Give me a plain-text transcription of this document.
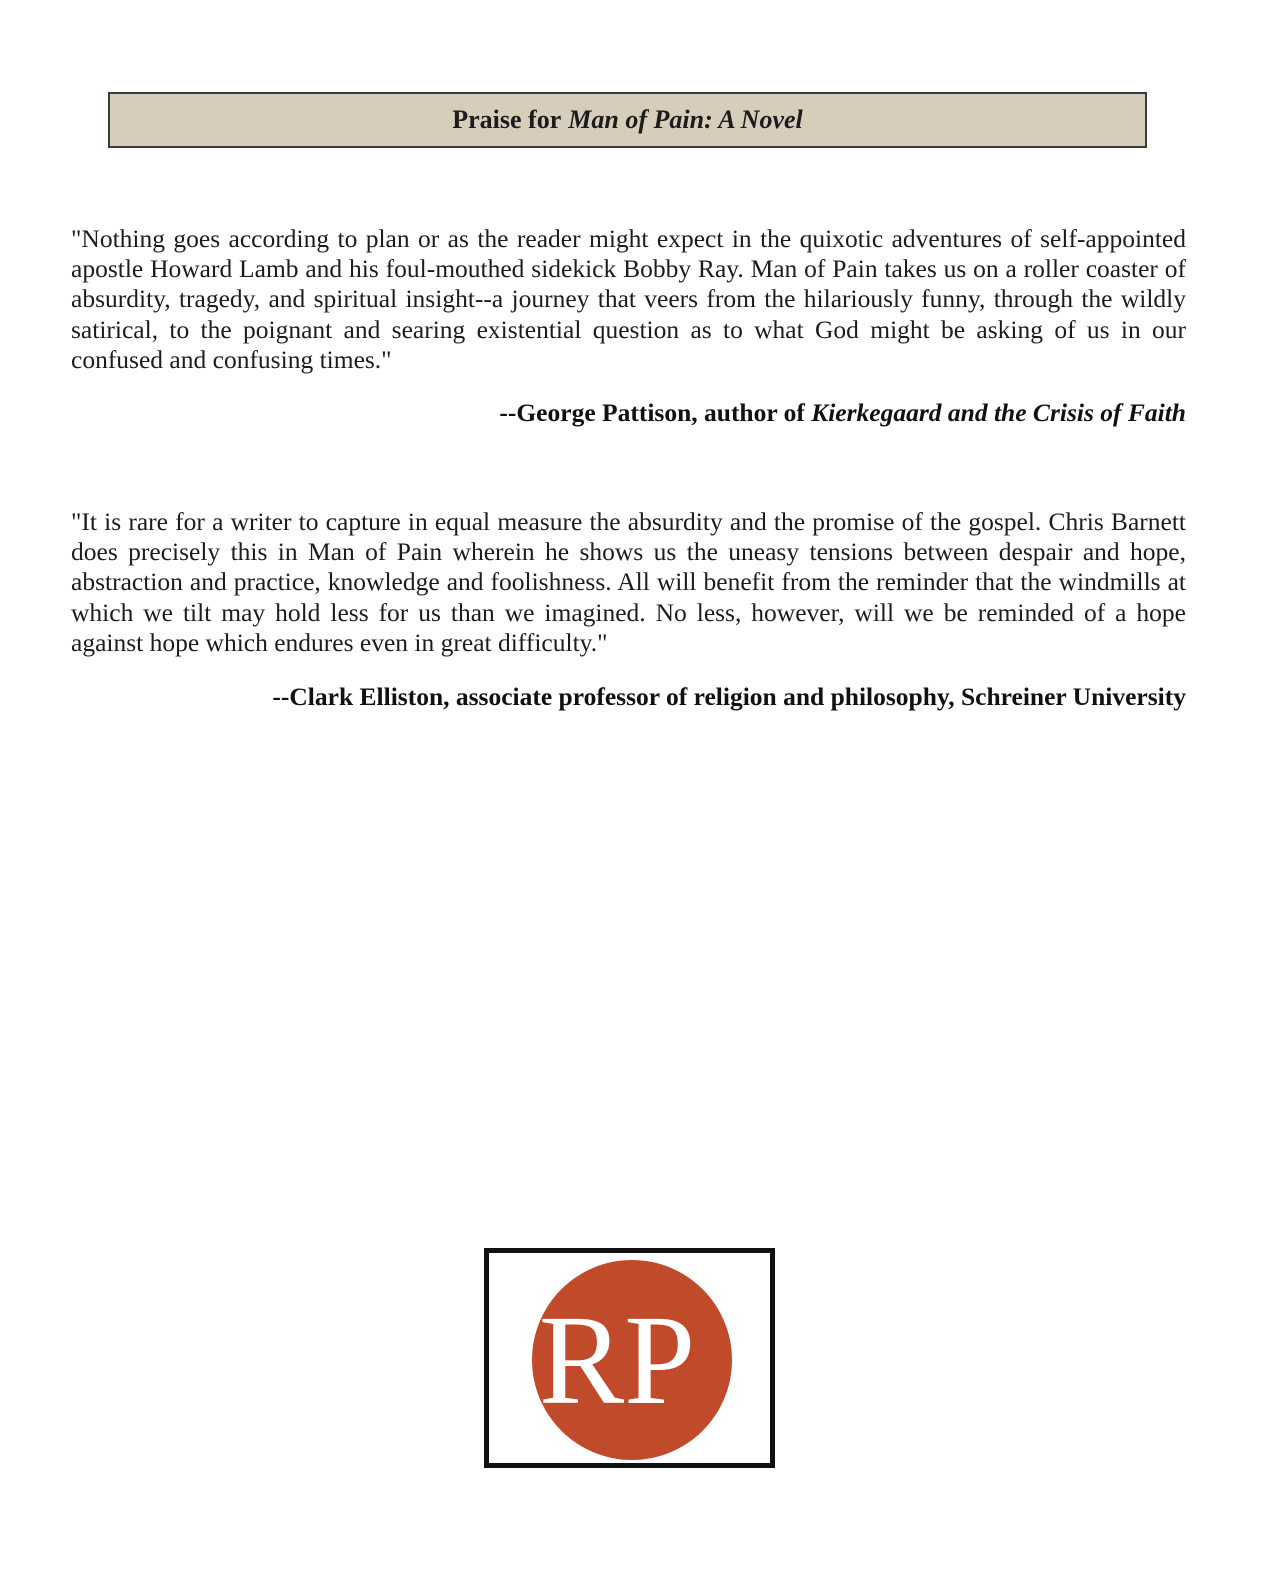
Praise for Man of Pain: A Novel
"Nothing goes according to plan or as the reader might expect in the quixotic adventures of self-appointed apostle Howard Lamb and his foul-mouthed sidekick Bobby Ray. Man of Pain takes us on a roller coaster of absurdity, tragedy, and spiritual insight--a journey that veers from the hilariously funny, through the wildly satirical, to the poignant and searing existential question as to what God might be asking of us in our confused and confusing times."
--George Pattison, author of Kierkegaard and the Crisis of Faith
"It is rare for a writer to capture in equal measure the absurdity and the promise of the gospel. Chris Barnett does precisely this in Man of Pain wherein he shows us the uneasy tensions between despair and hope, abstraction and practice, knowledge and foolishness. All will benefit from the reminder that the windmills at which we tilt may hold less for us than we imagined. No less, however, will we be reminded of a hope against hope which endures even in great difficulty."
--Clark Elliston, associate professor of religion and philosophy, Schreiner University
RP
